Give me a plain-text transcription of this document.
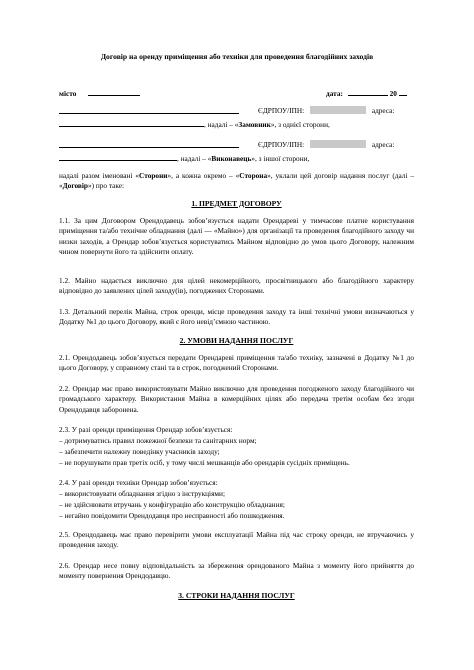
Договір на оренду приміщення або техніки для проведення благодійних заходів
місто	дата:	20
ЄДРПОУ/ІПН:	адреса:
, надалі – «Замовник», з однієї сторони,
ЄДРПОУ/ІПН:	адреса:
, надалі – «Виконавець», з іншої сторони,

надалі разом іменовані «Сторони», а кожна окремо – «Сторона», уклали цей договір надання послуг (далі – «Договір») про таке:

1. ПРЕДМЕТ ДОГОВОРУ

1.1. За цим Договором Орендодавець зобов’язується надати Орендареві у тимчасове платне користування приміщення та/або технічне обладнання (далі — «Майно») для організації та проведення благодійного заходу чи низки заходів, а Орендар зобов’язується користуватись Майном відповідно до умов цього Договору, належним чином повернути його та здійснити оплату.

1.2. Майно надається виключно для цілей некомерційного, просвітницького або благодійного характеру відповідно до заявлених цілей заходу(ів), погоджених Сторонами.

1.3. Детальний перелік Майна, строк оренди, місце проведення заходу та інші технічні умови визначаються у Додатку №1 до цього Договору, який є його невід’ємною частиною.

2. УМОВИ НАДАННЯ ПОСЛУГ

2.1. Орендодавець зобов’язується передати Орендареві приміщення та/або техніку, зазначені в Додатку №1 до цього Договору, у справному стані та в строк, погоджений Сторонами.

2.2. Орендар має право використовувати Майно виключно для проведення погодженого заходу благодійного чи громадського характеру. Використання Майна в комерційних цілях або передача третім особам без згоди Орендодавця заборонена.

2.3. У разі оренди приміщення Орендар зобов’язується:

– дотримуватись правил пожежної безпеки та санітарних норм;

– забезпечити належну поведінку учасників заходу;

– не порушувати прав третіх осіб, у тому числі мешканців або орендарів сусідніх приміщень.

2.4. У разі оренди техніки Орендар зобов’язується:

– використовувати обладнання згідно з інструкціями;

– не здійснювати втручань у конфігурацію або конструкцію обладнання;

– негайно повідомити Орендодавця про несправності або пошкодження.

2.5. Орендодавець має право перевірити умови експлуатації Майна під час строку оренди, не втручаючись у проведення заходу.

2.6. Орендар несе повну відповідальність за збереження орендованого Майна з моменту його прийняття до моменту повернення Орендодавцю.

3. СТРОКИ НАДАННЯ ПОСЛУГ
